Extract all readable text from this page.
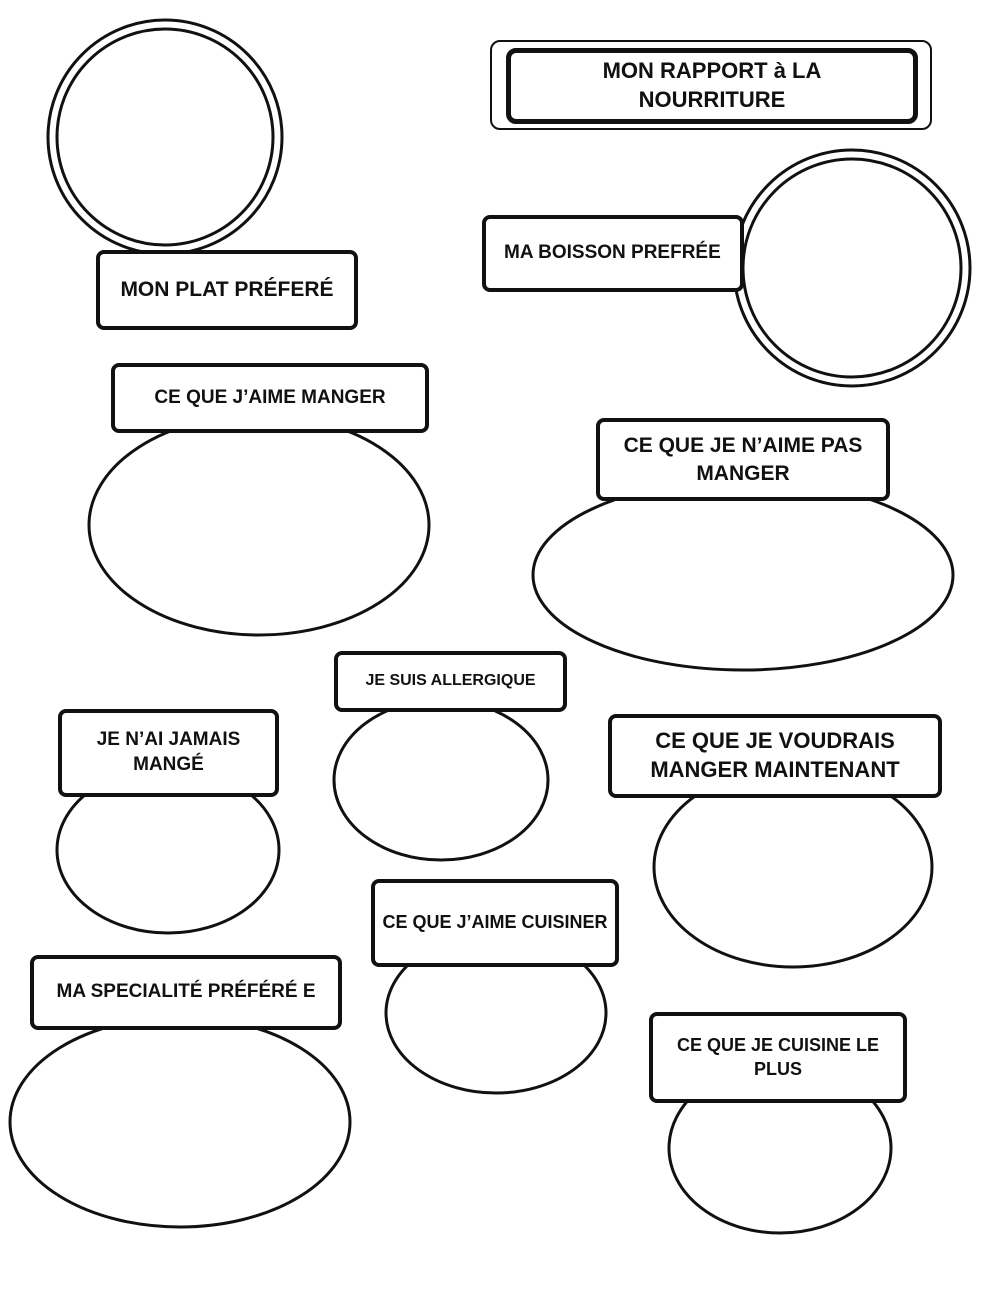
MON RAPPORT à LA
NOURRITURE
MON PLAT PRÉFERÉ
MA BOISSON PREFRÉE
CE QUE J’AIME MANGER
CE QUE JE N’AIME PAS
MANGER
JE SUIS ALLERGIQUE
JE N’AI JAMAIS MANGÉ
CE QUE JE VOUDRAIS
MANGER MAINTENANT
CE QUE J’AIME CUISINER
MA SPECIALITÉ PRÉFÉRÉ E
CE QUE JE CUISINE LE PLUS
